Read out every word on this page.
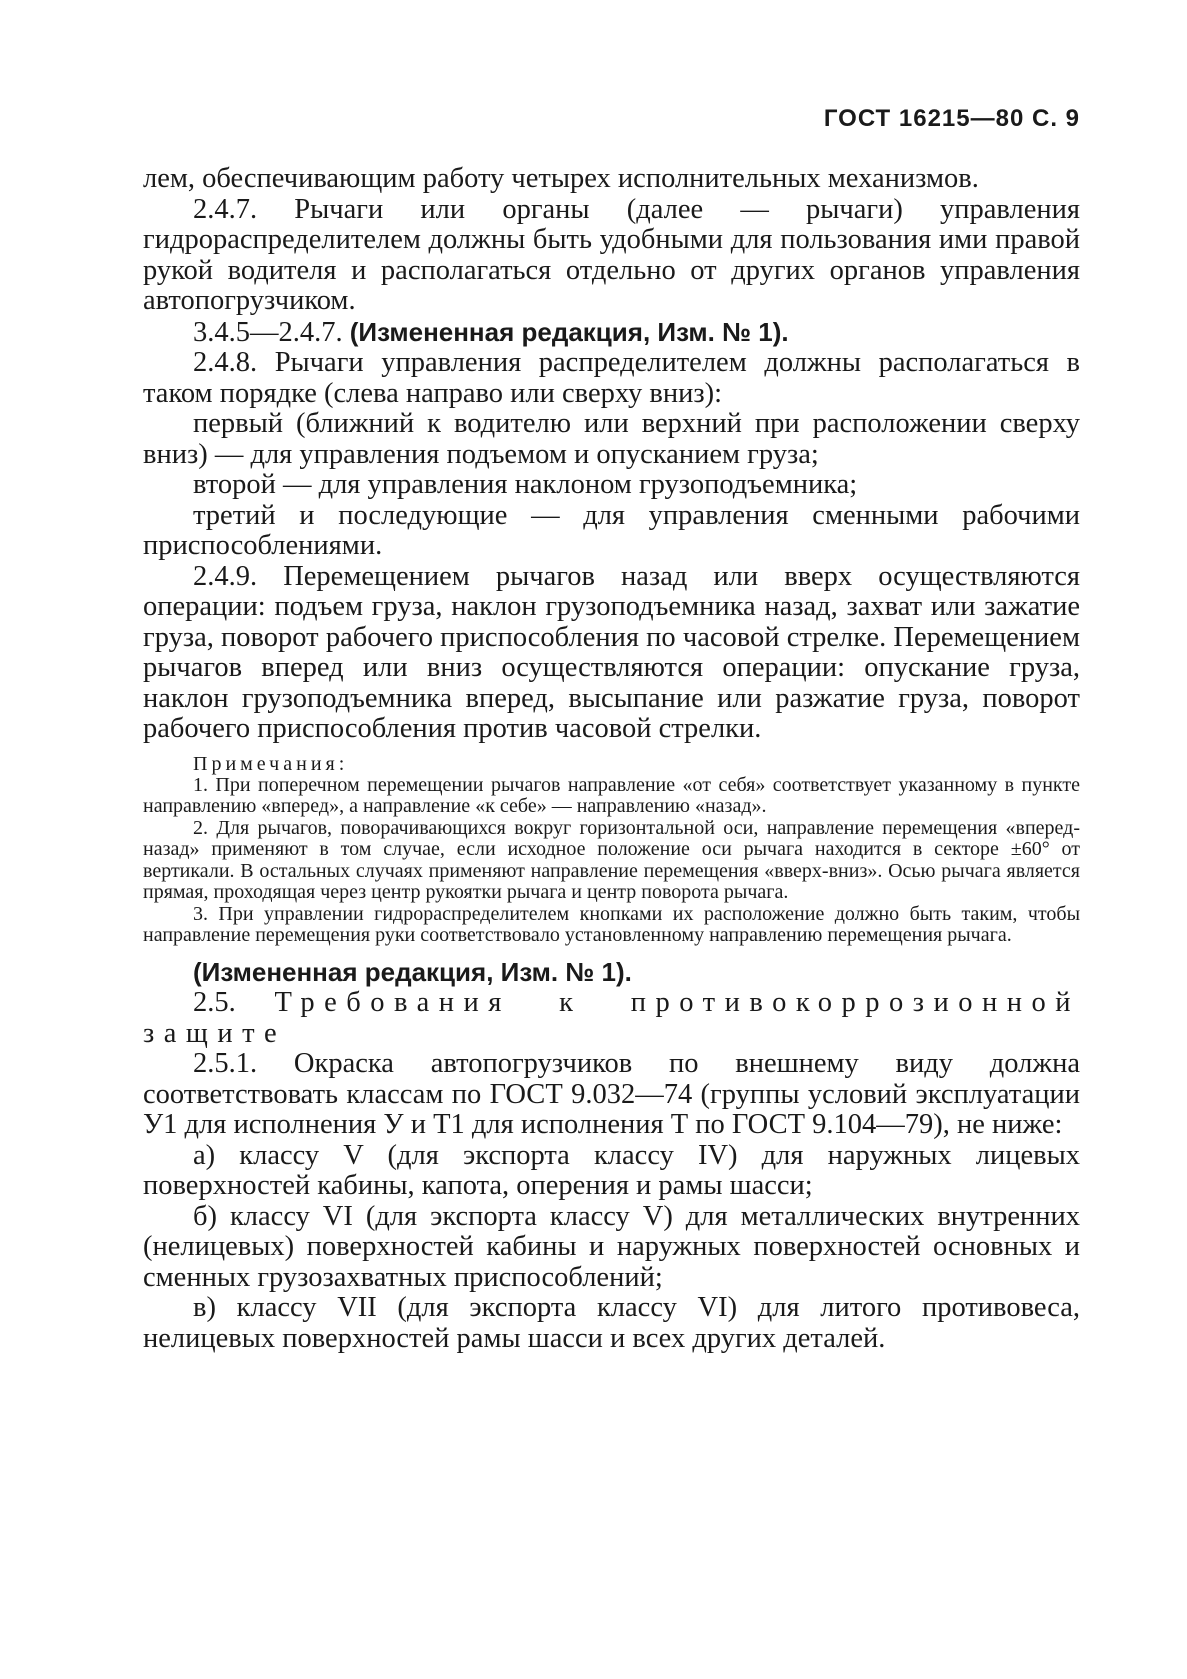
ГОСТ 16215—80 С. 9

лем, обеспечивающим работу четырех исполнительных механизмов.

2.4.7. Рычаги или органы (далее — рычаги) управления гидрораспределителем должны быть удобными для пользования ими правой рукой водителя и располагаться отдельно от других органов управления автопогрузчиком.

3.4.5—2.4.7. (Измененная редакция, Изм. № 1).

2.4.8. Рычаги управления распределителем должны располагаться в таком порядке (слева направо или сверху вниз):

первый (ближний к водителю или верхний при расположении сверху вниз) — для управления подъемом и опусканием груза;

второй — для управления наклоном грузоподъемника;

третий и последующие — для управления сменными рабочими приспособлениями.

2.4.9. Перемещением рычагов назад или вверх осуществляются операции: подъем груза, наклон грузоподъемника назад, захват или зажатие груза, поворот рабочего приспособления по часовой стрелке. Перемещением рычагов вперед или вниз осуществляются операции: опускание груза, наклон грузоподъемника вперед, высыпание или разжатие груза, поворот рабочего приспособления против часовой стрелки.

Примечания:

1. При поперечном перемещении рычагов направление «от себя» соответствует указанному в пункте направлению «вперед», а направление «к себе» — направлению «назад».

2. Для рычагов, поворачивающихся вокруг горизонтальной оси, направление перемещения «вперед-назад» применяют в том случае, если исходное положение оси рычага находится в секторе ±60° от вертикали. В остальных случаях применяют направление перемещения «вверх-вниз». Осью рычага является прямая, проходящая через центр рукоятки рычага и центр поворота рычага.

3. При управлении гидрораспределителем кнопками их расположение должно быть таким, чтобы направление перемещения руки соответствовало установленному направлению перемещения рычага.

(Измененная редакция, Изм. № 1).

2.5. Требования к противокоррозионной защите

2.5.1. Окраска автопогрузчиков по внешнему виду должна соответствовать классам по ГОСТ 9.032—74 (группы условий эксплуатации У1 для исполнения У и Т1 для исполнения Т по ГОСТ 9.104—79), не ниже:

а) классу V (для экспорта классу IV) для наружных лицевых поверхностей кабины, капота, оперения и рамы шасси;

б) классу VI (для экспорта классу V) для металлических внутренних (нелицевых) поверхностей кабины и наружных поверхностей основных и сменных грузозахватных приспособлений;

в) классу VII (для экспорта классу VI) для литого противовеса, нелицевых поверхностей рамы шасси и всех других деталей.
